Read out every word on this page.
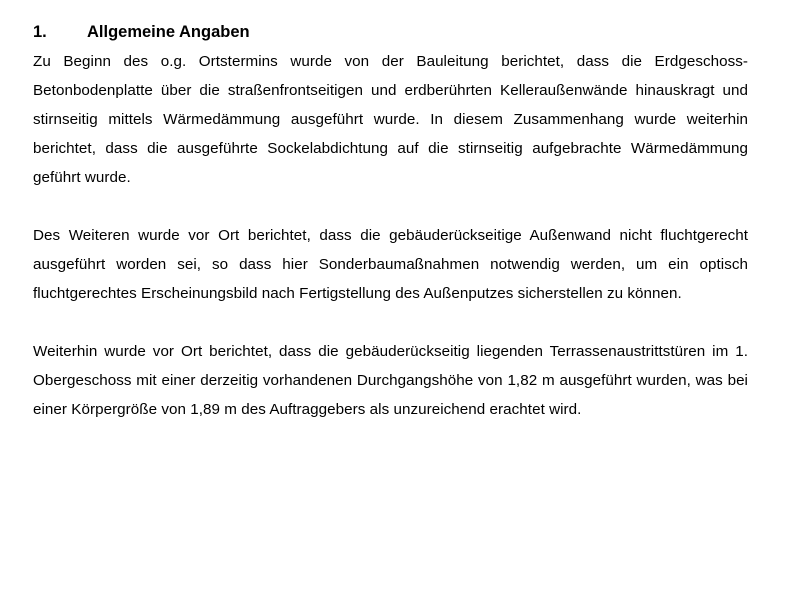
1.	Allgemeine Angaben

Zu Beginn des o.g. Ortstermins wurde von der Bauleitung berichtet, dass die Erdgeschoss-Betonbodenplatte über die straßenfrontseitigen und erdberührten Kelleraußenwände hinauskragt und stirnseitig mittels Wärmedämmung ausgeführt wurde. In diesem Zusammenhang wurde weiterhin berichtet, dass die ausgeführte Sockelabdichtung auf die stirnseitig aufgebrachte Wärmedämmung geführt wurde.

Des Weiteren wurde vor Ort berichtet, dass die gebäuderückseitige Außenwand nicht fluchtgerecht ausgeführt worden sei, so dass hier Sonderbaumaßnahmen notwendig werden, um ein optisch fluchtgerechtes Erscheinungsbild nach Fertigstellung des Außenputzes sicherstellen zu können.

Weiterhin wurde vor Ort berichtet, dass die gebäuderückseitig liegenden Terrassenaustrittstüren im 1. Obergeschoss mit einer derzeitig vorhandenen Durchgangshöhe von 1,82 m ausgeführt wurden, was bei einer Körpergröße von 1,89 m des Auftraggebers als unzureichend erachtet wird.
